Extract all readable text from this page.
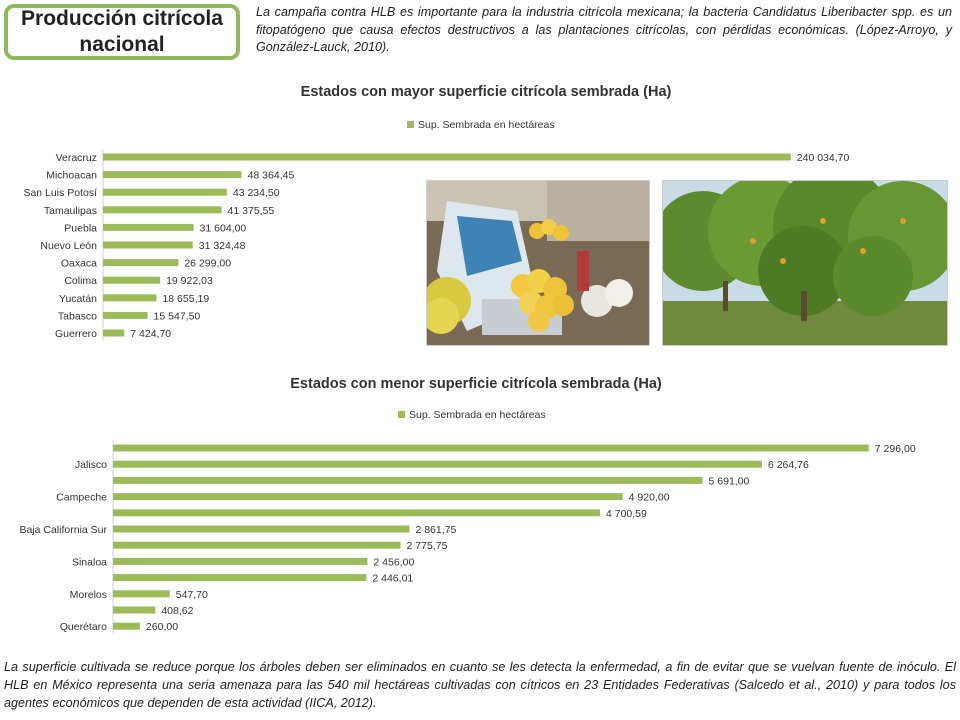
Producción citrícola nacional
La campaña contra HLB es importante para la industria citrícola mexicana; la bacteria Candidatus Liberibacter spp. es un fitopatógeno que causa efectos destructivos a las plantaciones citrícolas, con pérdidas económicas. (López-Arroyo, y González-Lauck, 2010).
Estados con mayor superficie citrícola sembrada (Ha)
Sup. Sembrada en hectáreas
240 034,70
Veracruz
48 364,45
Michoacan
43 234,50
San Luis Potosí
41 375,55
Tamaulipas
31 604,00
Puebla
31 324,48
Nuevo León
26 299,00
Oaxaca
19 922,03
Colima
18 655,19
Yucatán
15 547,50
Tabasco
7 424,70
Guerrero
Estados con menor superficie citrícola sembrada (Ha)
Sup. Sembrada en hectáreas
7 296,00
6 264,76
Jalisco
5 691,00
4 920,00
Campeche
4 700,59
2 861,75
Baja California Sur
2 775,75
2 456,00
Sinaloa
2 446,01
547,70
Morelos
408,62
260,00
Querétaro
La superficie cultivada se reduce porque los árboles deben ser eliminados en cuanto se les detecta la enfermedad, a fin de evitar que se vuelvan fuente de inóculo. El HLB en México representa una seria amenaza para las 540 mil hectáreas cultivadas con cítricos en 23 Entidades Federativas (Salcedo et al., 2010) y para todos los agentes económicos que dependen de esta actividad (IICA, 2012).
